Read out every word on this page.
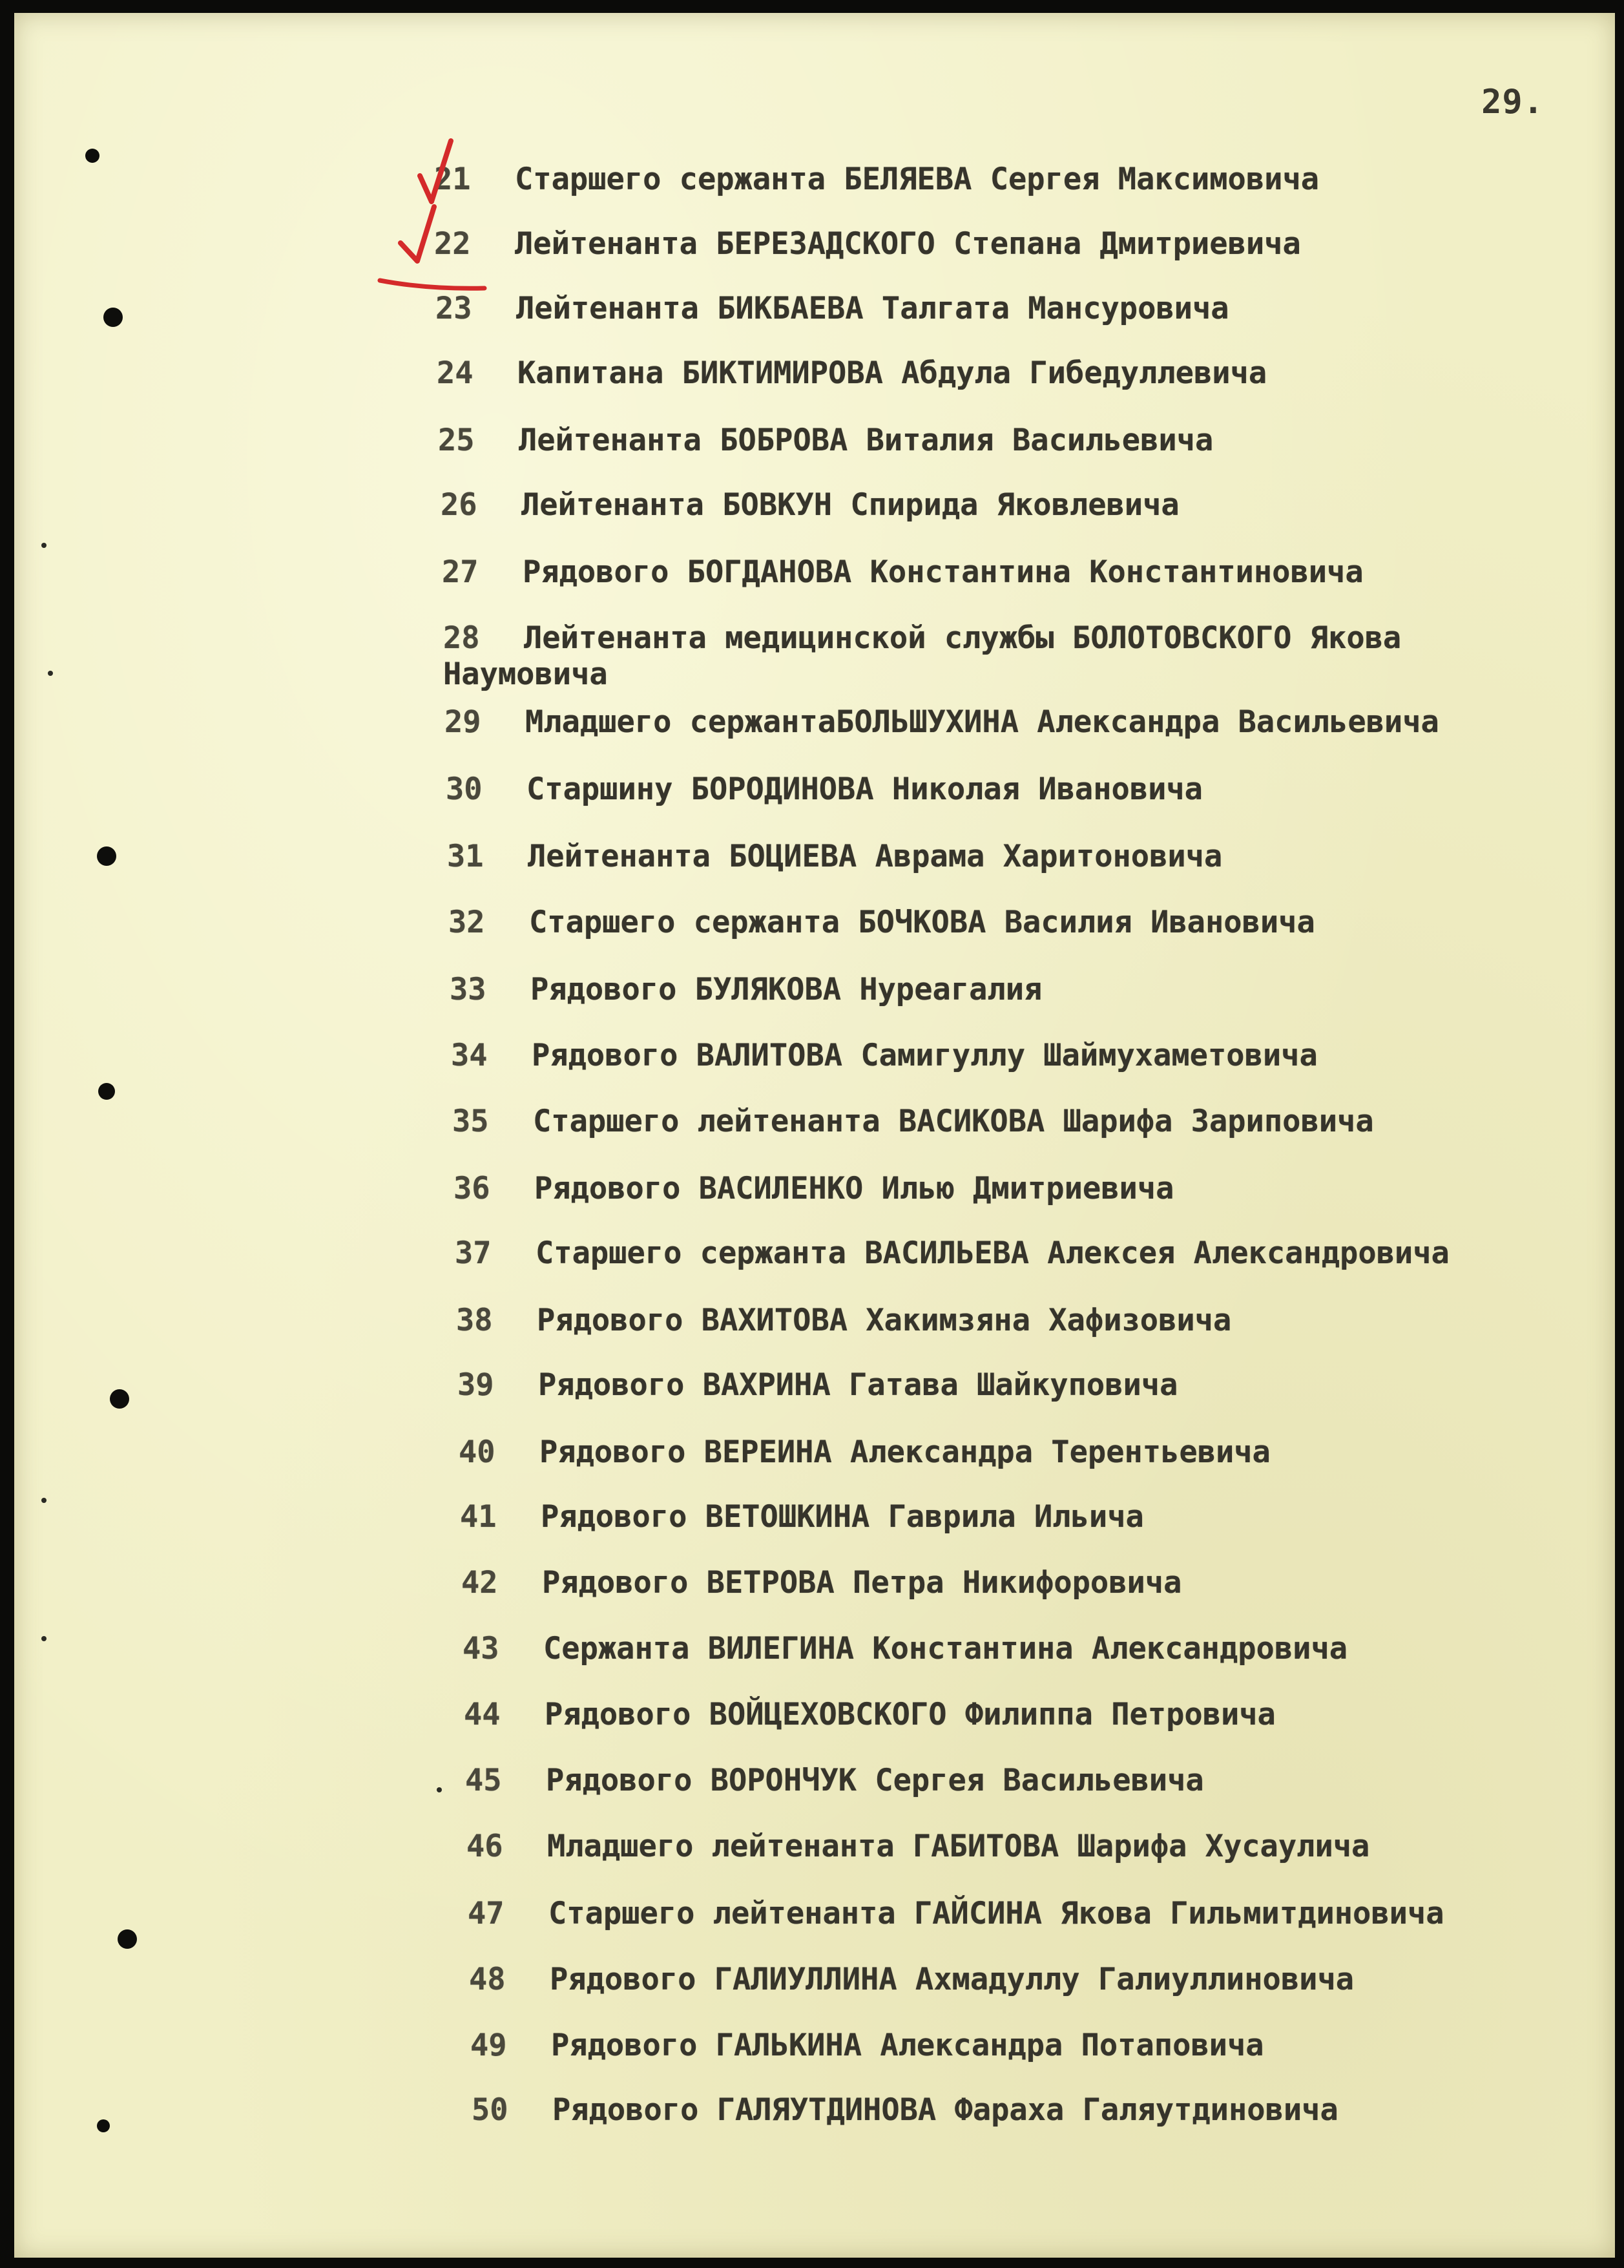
29.
21 Старшего сержанта БЕЛЯЕВА Сергея Максимовича
22 Лейтенанта БЕРЕЗАДСКОГО Степана Дмитриевича
23 Лейтенанта БИКБАЕВА Талгата Мансуровича
24 Капитана БИКТИМИРОВА Абдула Гибедуллевича
25 Лейтенанта БОБРОВА Виталия Васильевича
26 Лейтенанта БОВКУН Спирида Яковлевича
27 Рядового БОГДАНОВА Константина Константиновича
28 Лейтенанта медицинской службы БОЛОТОВСКОГО Якова Наумовича
29 Младшего сержантаБОЛЬШУХИНА Александра Васильевича
30 Старшину БОРОДИНОВА Николая Ивановича
31 Лейтенанта БОЦИЕВА Аврама Харитоновича
32 Старшего сержанта БОЧКОВА Василия Ивановича
33 Рядового БУЛЯКОВА Нуреагалия
34 Рядового ВАЛИТОВА Самигуллу Шаймухаметовича
35 Старшего лейтенанта ВАСИКОВА Шарифа Зариповича
36 Рядового ВАСИЛЕНКО Илью Дмитриевича
37 Старшего сержанта ВАСИЛЬЕВА Алексея Александровича
38 Рядового ВАХИТОВА Хакимзяна Хафизовича
39 Рядового ВАХРИНА Гатава Шайкуповича
40 Рядового ВЕРЕИНА Александра Терентьевича
41 Рядового ВЕТОШКИНА Гаврила Ильича
42 Рядового ВЕТРОВА Петра Никифоровича
43 Сержанта ВИЛЕГИНА Константина Александровича
44 Рядового ВОЙЦЕХОВСКОГО Филиппа Петровича
45 Рядового ВОРОНЧУК Сергея Васильевича
46 Младшего лейтенанта ГАБИТОВА Шарифа Хусаулича
47 Старшего лейтенанта ГАЙСИНА Якова Гильмитдиновича
48 Рядового ГАЛИУЛЛИНА Ахмадуллу Галиуллиновича
49 Рядового ГАЛЬКИНА Александра Потаповича
50 Рядового ГАЛЯУТДИНОВА Фараха Галяутдиновича
